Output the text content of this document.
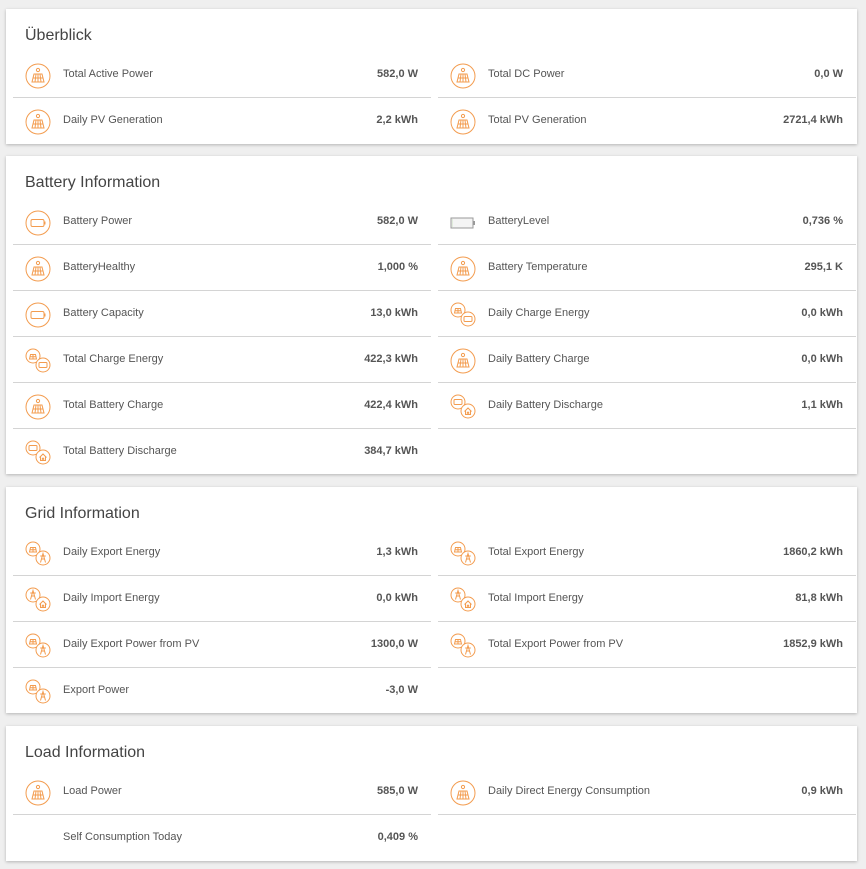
Überblick
Total Active Power	582,0 W	Total DC Power	0,0 W
Daily PV Generation	2,2 kWh	Total PV Generation	2721,4 kWh
Battery Information
Battery Power	582,0 W	BatteryLevel	0,736 %
BatteryHealthy	1,000 %	Battery Temperature	295,1 K
Battery Capacity	13,0 kWh	Daily Charge Energy	0,0 kWh
Total Charge Energy	422,3 kWh	Daily Battery Charge	0,0 kWh
Total Battery Charge	422,4 kWh	Daily Battery Discharge	1,1 kWh
Total Battery Discharge	384,7 kWh
Grid Information
Daily Export Energy	1,3 kWh	Total Export Energy	1860,2 kWh
Daily Import Energy	0,0 kWh	Total Import Energy	81,8 kWh
Daily Export Power from PV	1300,0 W	Total Export Power from PV	1852,9 kWh
Export Power	-3,0 W
Load Information
Load Power	585,0 W	Daily Direct Energy Consumption	0,9 kWh
Self Consumption Today	0,409 %
